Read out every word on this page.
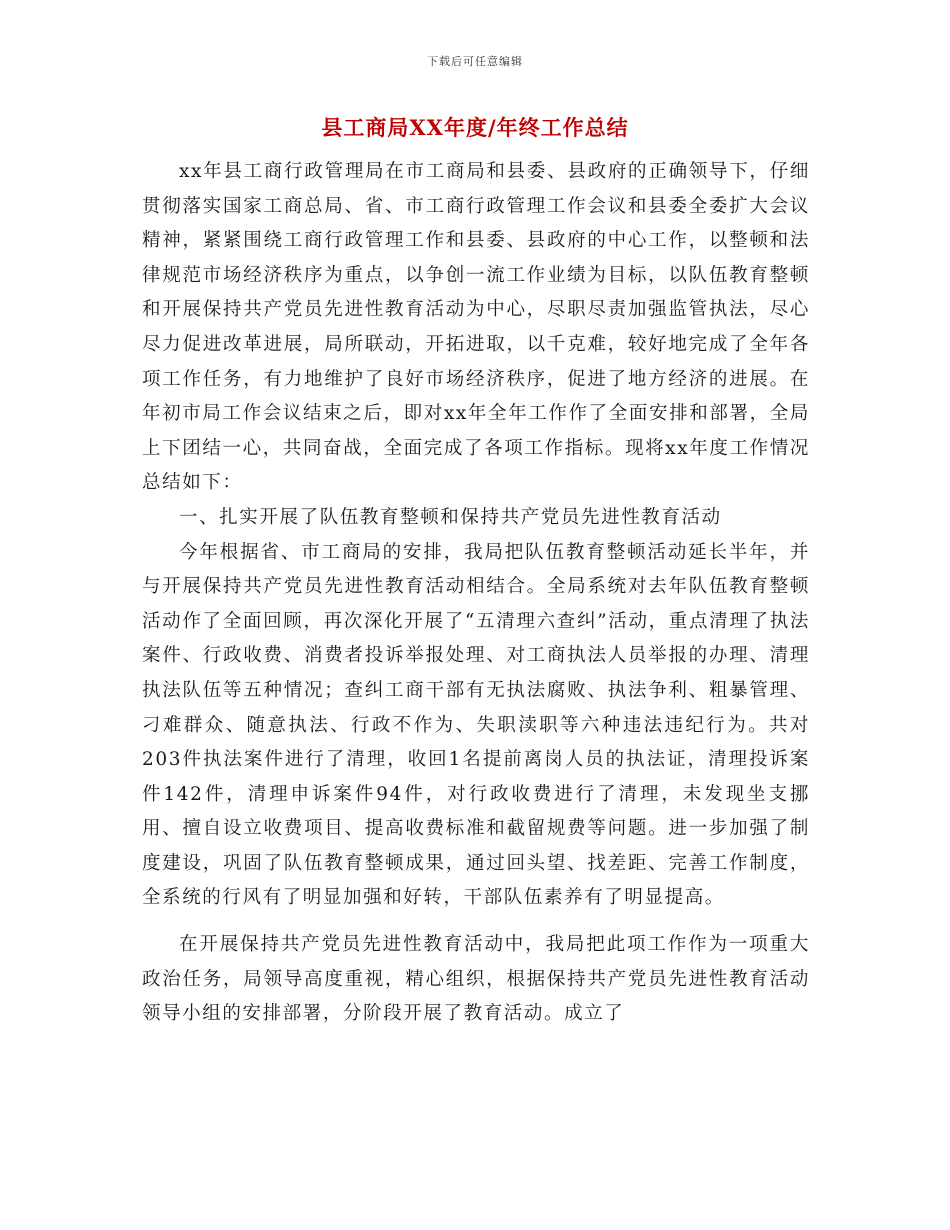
下载后可任意编辑
县工商局XX年度/年终工作总结

xx年县工商行政管理局在市工商局和县委、县政府的正确领导下，仔细贯彻落实国家工商总局、省、市工商行政管理工作会议和县委全委扩大会议精神，紧紧围绕工商行政管理工作和县委、县政府的中心工作，以整顿和法律规范市场经济秩序为重点，以争创一流工作业绩为目标，以队伍教育整顿和开展保持共产党员先进性教育活动为中心，尽职尽责加强监管执法，尽心尽力促进改革进展，局所联动，开拓进取，以千克难，较好地完成了全年各项工作任务，有力地维护了良好市场经济秩序，促进了地方经济的进展。在年初市局工作会议结束之后，即对xx年全年工作作了全面安排和部署，全局上下团结一心，共同奋战，全面完成了各项工作指标。现将xx年度工作情况总结如下：

一、扎实开展了队伍教育整顿和保持共产党员先进性教育活动

今年根据省、市工商局的安排，我局把队伍教育整顿活动延长半年，并与开展保持共产党员先进性教育活动相结合。全局系统对去年队伍教育整顿活动作了全面回顾，再次深化开展了“五清理六查纠”活动，重点清理了执法案件、行政收费、消费者投诉举报处理、对工商执法人员举报的办理、清理执法队伍等五种情况；查纠工商干部有无执法腐败、执法争利、粗暴管理、刁难群众、随意执法、行政不作为、失职渎职等六种违法违纪行为。共对203件执法案件进行了清理，收回1名提前离岗人员的执法证，清理投诉案件142件，清理申诉案件94件，对行政收费进行了清理，未发现坐支挪用、擅自设立收费项目、提高收费标准和截留规费等问题。进一步加强了制度建设，巩固了队伍教育整顿成果，通过回头望、找差距、完善工作制度，全系统的行风有了明显加强和好转，干部队伍素养有了明显提高。

在开展保持共产党员先进性教育活动中，我局把此项工作作为一项重大政治任务，局领导高度重视，精心组织，根据保持共产党员先进性教育活动领导小组的安排部署，分阶段开展了教育活动。成立了
